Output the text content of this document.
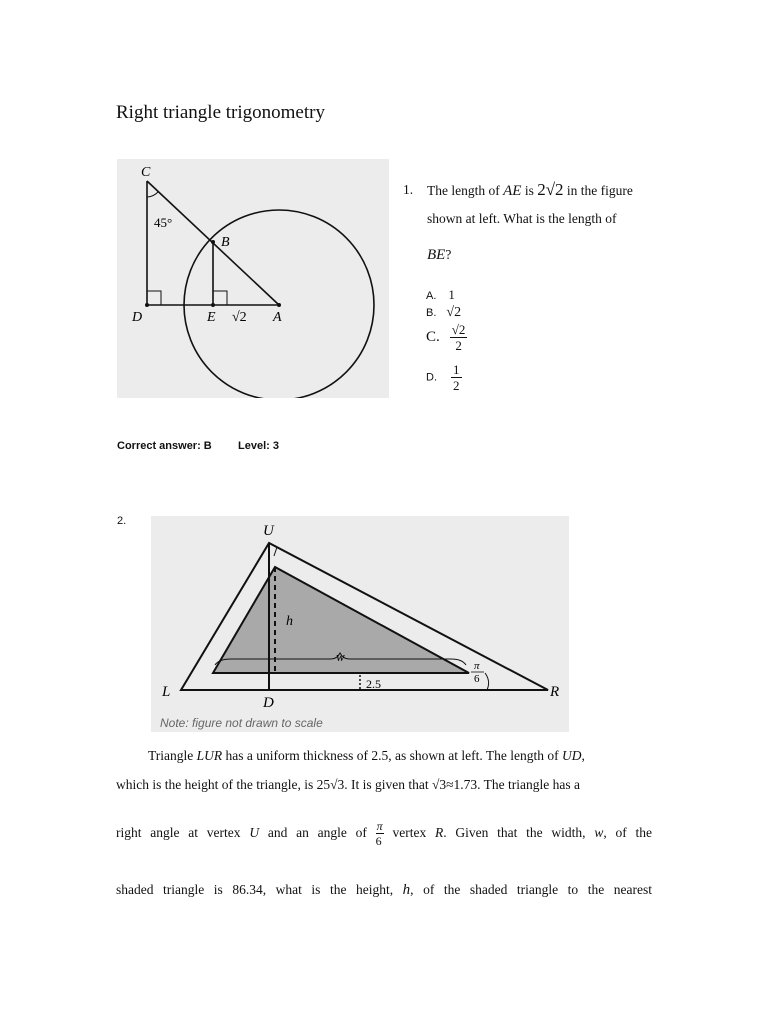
Right triangle trigonometry
C
45°
B
D	E √2 A
1. The length of AE is 2√2 in the figure
shown at left. What is the length of
BE?
A. 1
B. √2
C. $\frac{√2}{2}$
D. $\frac{1}{2}$
Correct answer: B Level: 3
2.
U
L	R
D
h
w
2.5
π
6
Note: figure not drawn to scale
Triangle LUR has a uniform thickness of 2.5, as shown at left. The length of UD,
which is the height of the triangle, is 25√3. It is given that √3≈1.73. The triangle has a
right angle at vertex U and an angle of $\frac{\pi}{6}$ vertex R. Given that the width, w, of the
shaded triangle is 86.34, what is the height, h, of the shaded triangle to the nearest
